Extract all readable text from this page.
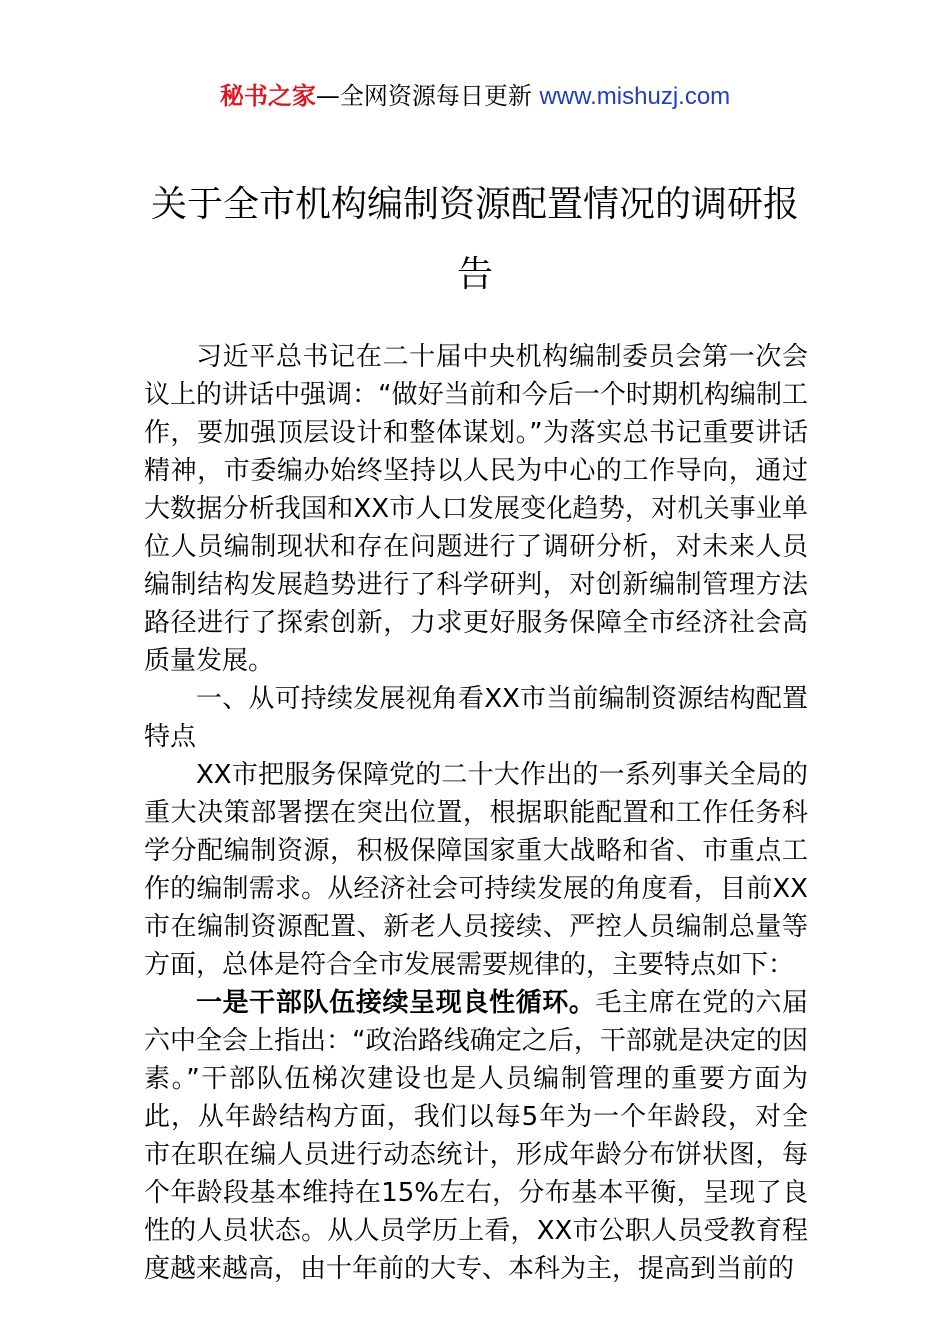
秘书之家—全网资源每日更新 www.mishuzj.com
关于全市机构编制资源配置情况的调研报告

习近平总书记在二十届中央机构编制委员会第一次会议上的讲话中强调：“做好当前和今后一个时期机构编制工作，要加强顶层设计和整体谋划。”为落实总书记重要讲话精神，市委编办始终坚持以人民为中心的工作导向，通过大数据分析我国和XX市人口发展变化趋势，对机关事业单位人员编制现状和存在问题进行了调研分析，对未来人员编制结构发展趋势进行了科学研判，对创新编制管理方法路径进行了探索创新，力求更好服务保障全市经济社会高质量发展。

一、从可持续发展视角看XX市当前编制资源结构配置特点

XX市把服务保障党的二十大作出的一系列事关全局的重大决策部署摆在突出位置，根据职能配置和工作任务科学分配编制资源，积极保障国家重大战略和省、市重点工作的编制需求。从经济社会可持续发展的角度看，目前XX市在编制资源配置、新老人员接续、严控人员编制总量等方面，总体是符合全市发展需要规律的，主要特点如下：

一是干部队伍接续呈现良性循环。毛主席在党的六届六中全会上指出：“政治路线确定之后，干部就是决定的因素。”干部队伍梯次建设也是人员编制管理的重要方面为此，从年龄结构方面，我们以每5年为一个年龄段，对全市在职在编人员进行动态统计，形成年龄分布饼状图，每个年龄段基本维持在15%左右，分布基本平衡，呈现了良性的人员状态。从人员学历上看，XX市公职人员受教育程度越来越高，由十年前的大专、本科为主，提高到当前的
